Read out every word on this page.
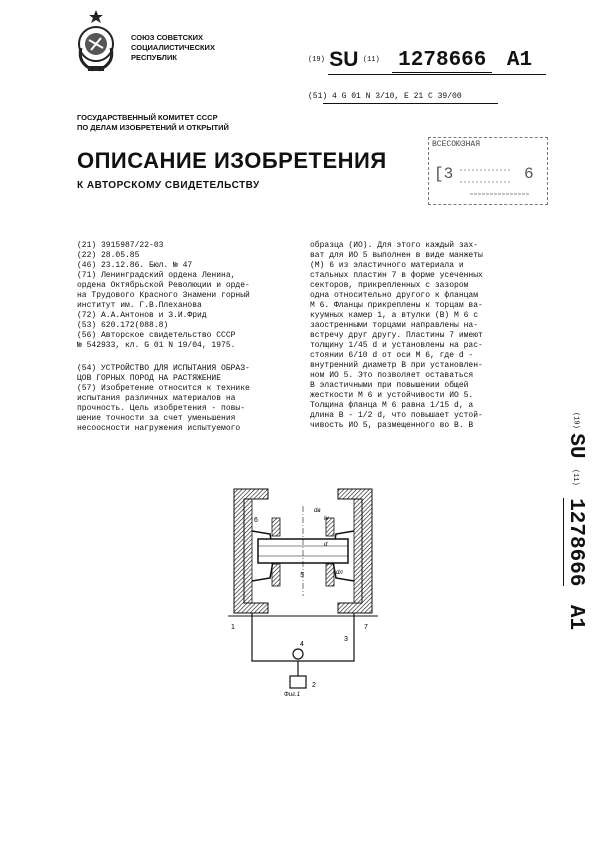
СОЮЗ СОВЕТСКИХ
СОЦИАЛИСТИЧЕСКИХ
РЕСПУБЛИК	(19) SU (11) 1278666 A1
(51) 4 G 01 N 3/10, E 21 C 39/00
ГОСУДАРСТВЕННЫЙ КОМИТЕТ СССР
ПО ДЕЛАМ ИЗОБРЕТЕНИЙ И ОТКРЫТИЙ
ОПИСАНИЕ ИЗОБРЕТЕНИЯ
К АВТОРСКОМУ СВИДЕТЕЛЬСТВУ
ВСЕСОЮЗНАЯ
[3	6
(21) 3915987/22-03
(22) 28.05.85
(46) 23.12.86. Бюл. № 47
(71) Ленинградский ордена Ленина,
ордена Октябрьской Революции и орде-
на Трудового Красного Знамени горный
институт им. Г.В.Плеханова
(72) А.А.Антонов и З.И.Фрид
(53) 620.172(088.8)
(56) Авторское свидетельство СССР
№ 542933, кл. G 01 N 19/04, 1975.
(54) УСТРОЙСТВО ДЛЯ ИСПЫТАНИЯ ОБРАЗ-
ЦОВ ГОРНЫХ ПОРОД НА РАСТЯЖЕНИЕ
(57) Изобретение относится к технике
испытания различных материалов на
прочность. Цель изобретения - повы-
шение точности за счет уменьшения
несоосности нагружения испытуемого
образца (ИО). Для этого каждый зах-
ват для ИО 5 выполнен в виде манжеты
(М) 6 из эластичного материала и
стальных пластин 7 в форме усеченных
секторов, прикрепленных с зазором
одна относительно другого к фланцам
М 6. Фланцы прикреплены к торцам ва-
куумных камер 1, а втулки (В) М 6 с
заостренными торцами направлены на-
встречу друг другу. Пластины 7 имеют
толщину 1/45 d и установлены на рас-
стоянии 6/10 d от оси М 6, где d -
внутренний диаметр В при установлен-
ном ИО 5. Это позволяет оставаться
В эластичными при повышении общей
жесткости М 6 и устойчивости ИО 5.
Толщина фланца М 6 равна 1/15 d, а
длина В - 1/2 d, что повышает устой-
чивость ИО 5, размещенного во В. В	(19) SU (11) 1278666 A1
1
2
3
4
5
6
7
dв
d
lн
dл
Фиг.1
